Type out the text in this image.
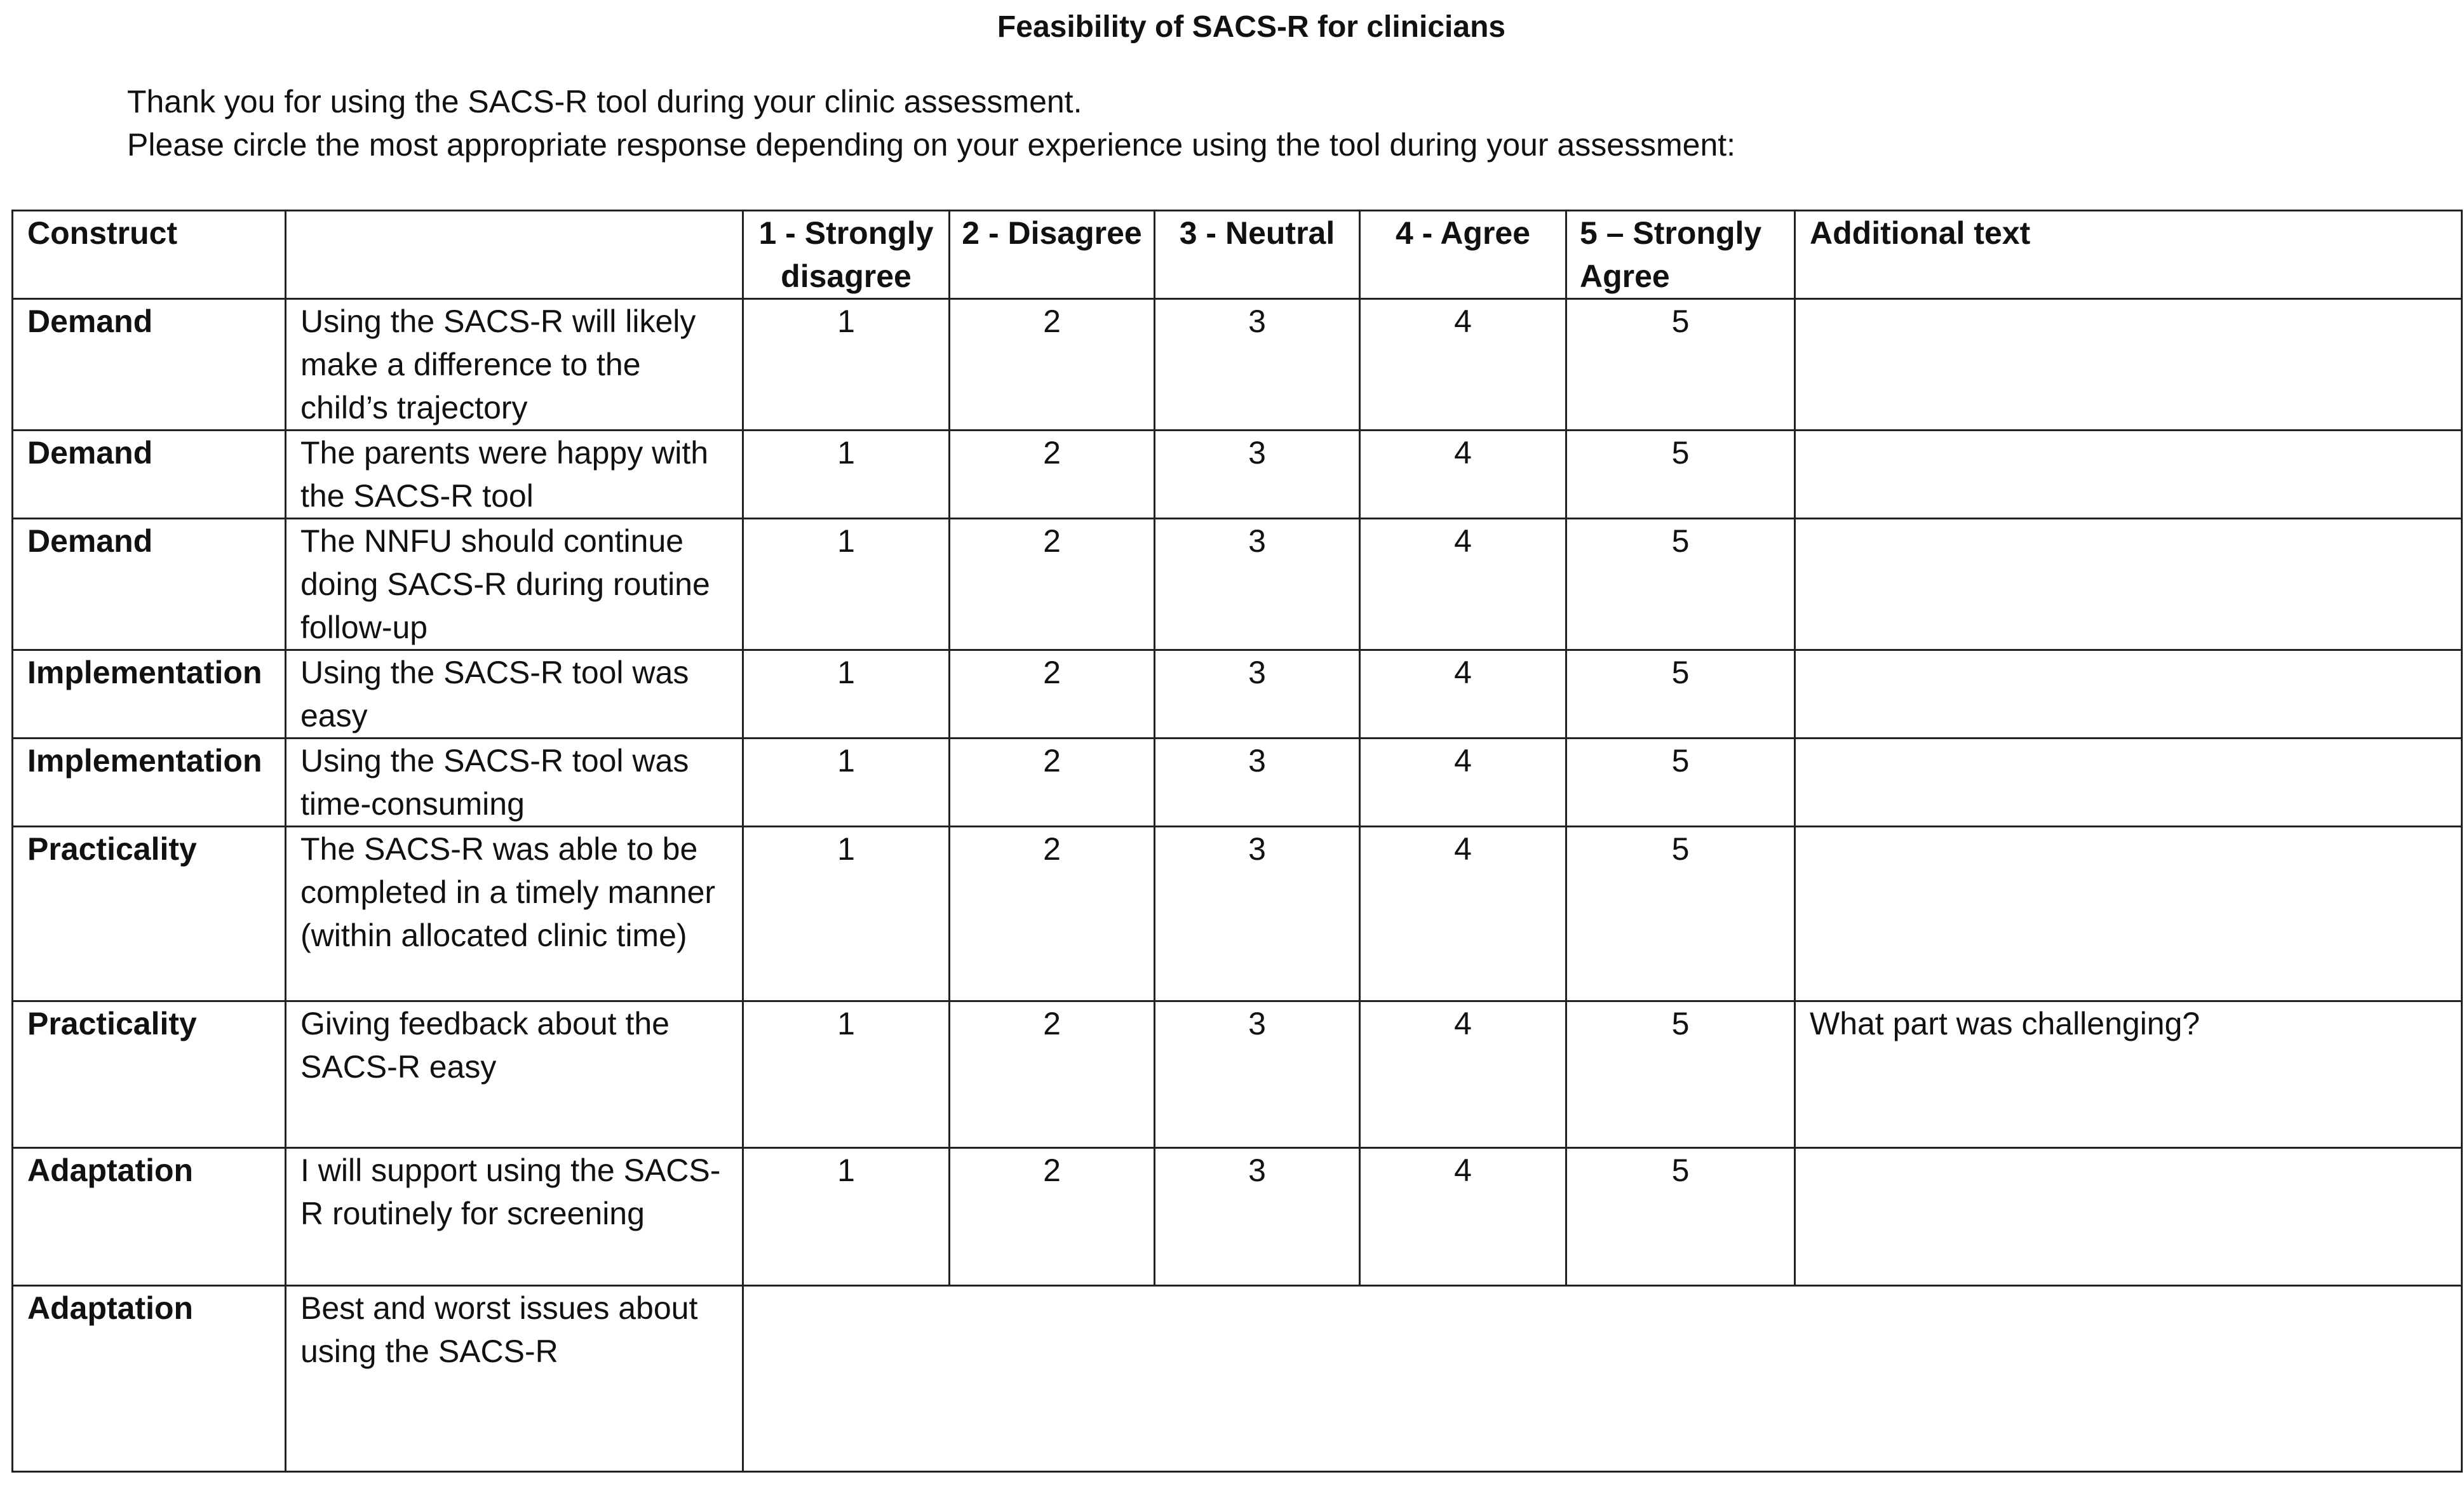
Feasibility of SACS-R for clinicians
Thank you for using the SACS-R tool during your clinic assessment.
Please circle the most appropriate response depending on your experience using the tool during your assessment:
Construct		1 - Strongly disagree	2 - Disagree	3 - Neutral	4 - Agree	5 – Strongly Agree	Additional text
Demand	Using the SACS-R will likely make a difference to the child’s trajectory	1	2	3	4	5	
Demand	The parents were happy with the SACS-R tool	1	2	3	4	5	
Demand	The NNFU should continue doing SACS-R during routine follow-up	1	2	3	4	5	
Implementation	Using the SACS-R tool was easy	1	2	3	4	5	
Implementation	Using the SACS-R tool was time-consuming	1	2	3	4	5	
Practicality	The SACS-R was able to be completed in a timely manner (within allocated clinic time)	1	2	3	4	5	
Practicality	Giving feedback about the SACS-R easy	1	2	3	4	5	What part was challenging?
Adaptation	I will support using the SACS-R routinely for screening	1	2	3	4	5	
Adaptation	Best and worst issues about using the SACS-R						
